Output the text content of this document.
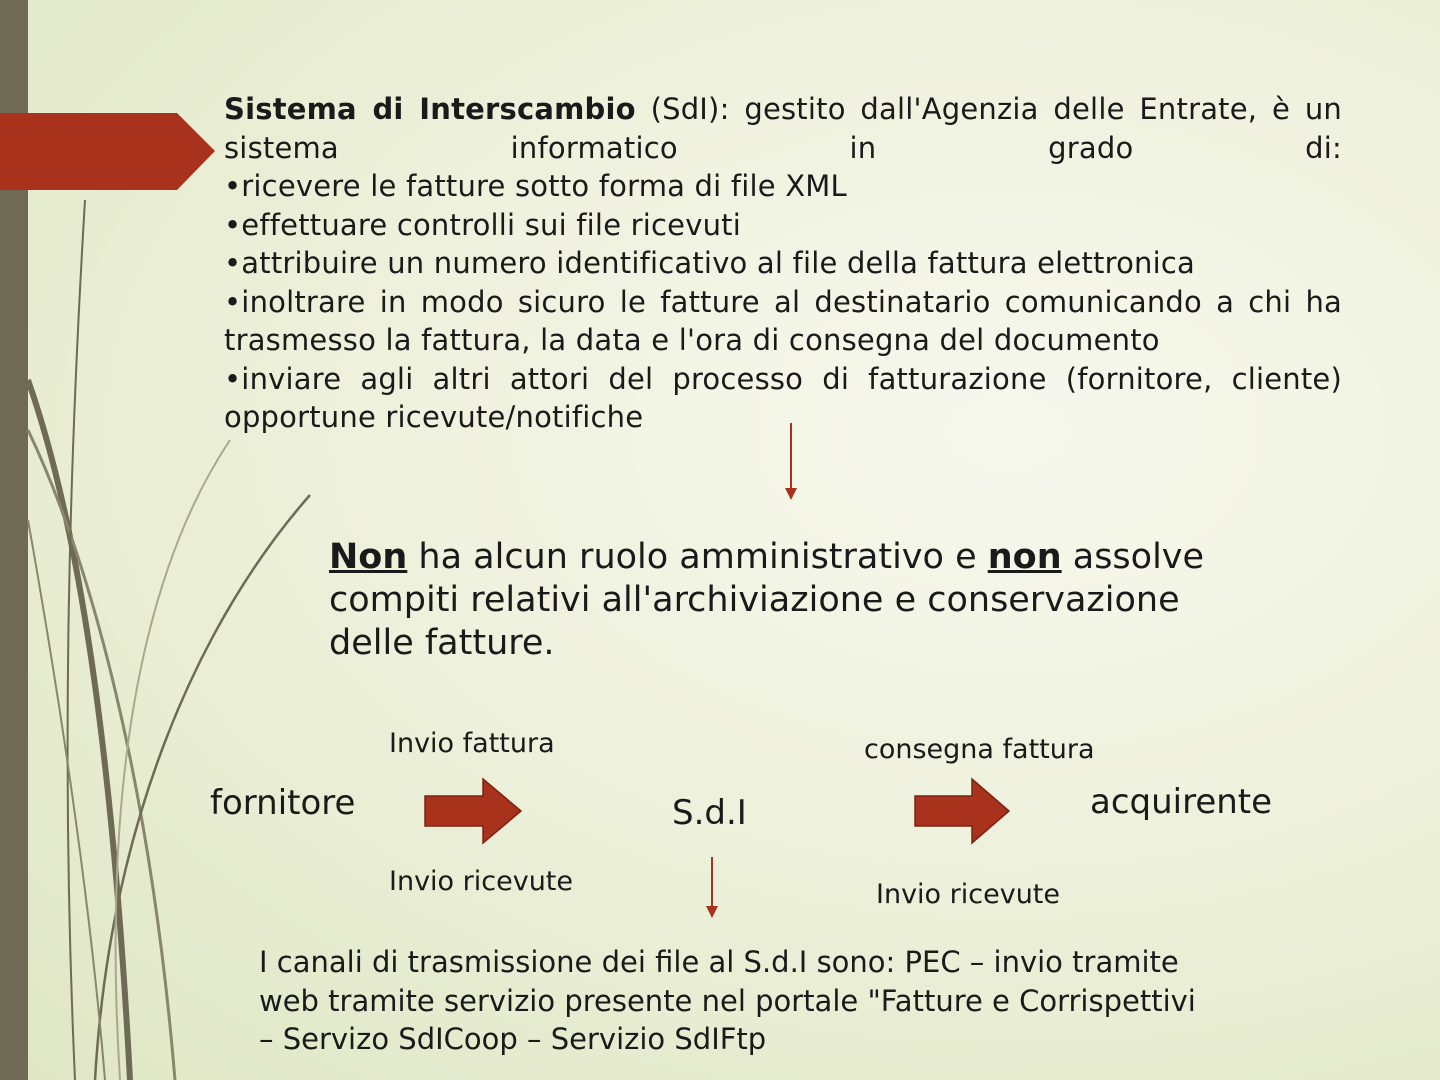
Sistema di Interscambio (SdI): gestito dall'Agenzia delle Entrate, è un sistema informatico in grado di:

•ricevere le fatture sotto forma di file XML

•effettuare controlli sui file ricevuti

•attribuire un numero identificativo al file della fattura elettronica

•inoltrare in modo sicuro le fatture al destinatario comunicando a chi ha trasmesso la fattura, la data e l'ora di consegna del documento

•inviare agli altri attori del processo di fatturazione (fornitore, cliente) opportune ricevute/notifiche

Non ha alcun ruolo amministrativo e non assolve compiti relativi all'archiviazione e conservazione delle fatture.
Invio fattura	consegna fattura
fornitore	S.d.I	acquirente
Invio ricevute	Invio ricevute

I canali di trasmissione dei file al S.d.I sono: PEC – invio tramite

web tramite servizio presente nel portale "Fatture e Corrispettivi

– Servizo SdICoop – Servizio SdIFtp
